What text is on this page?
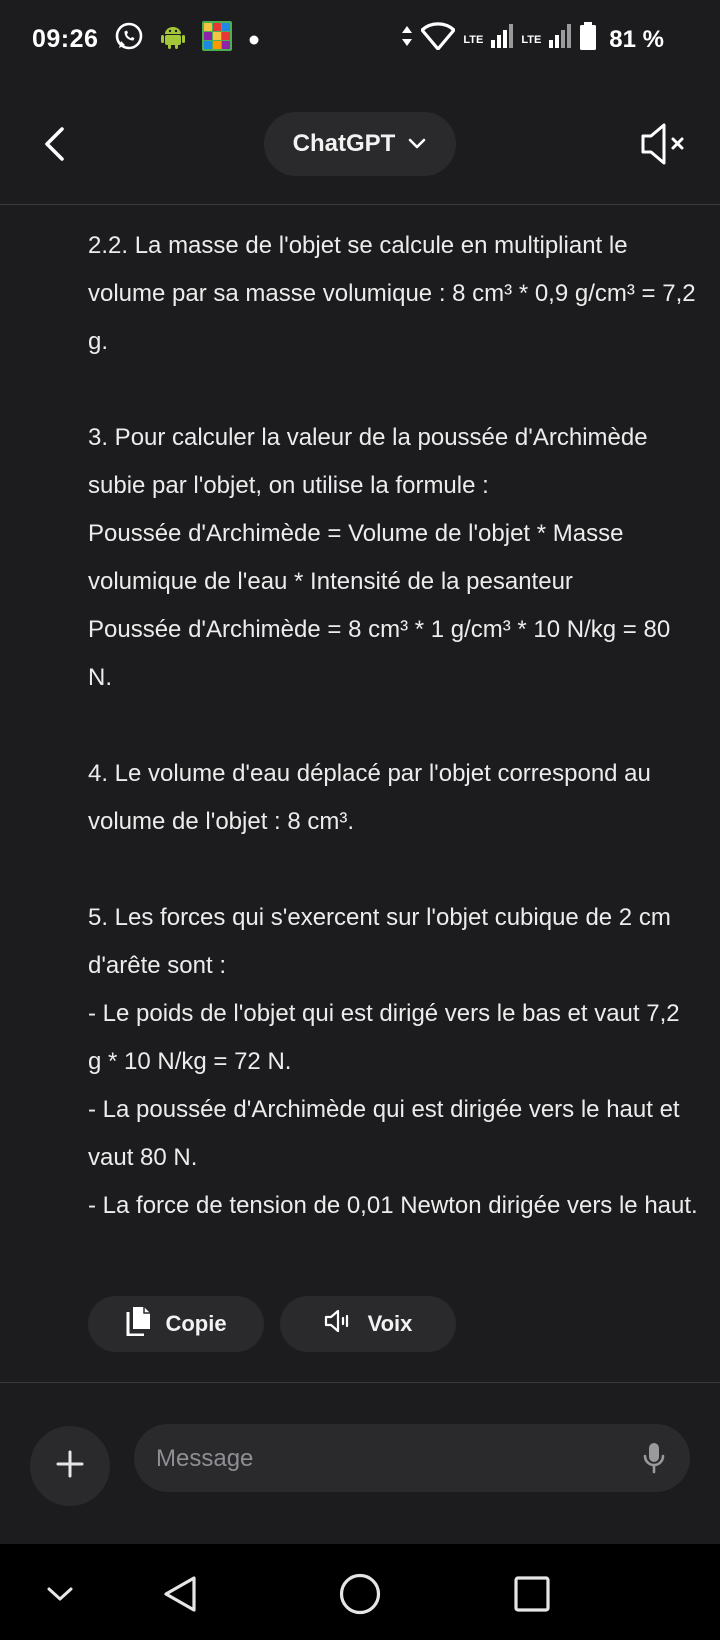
09:26	LTE	LTE	81 %
ChatGPT

2.2. La masse de l'objet se calcule en multipliant le volume par sa masse volumique : 8 cm³ * 0,9 g/cm³ = 7,2 g.

3. Pour calculer la valeur de la poussée d'Archimède subie par l'objet, on utilise la formule :
Poussée d'Archimède = Volume de l'objet * Masse volumique de l'eau * Intensité de la pesanteur
Poussée d'Archimède = 8 cm³ * 1 g/cm³ * 10 N/kg = 80 N.

4. Le volume d'eau déplacé par l'objet correspond au volume de l'objet : 8 cm³.

5. Les forces qui s'exercent sur l'objet cubique de 2 cm d'arête sont :
- Le poids de l'objet qui est dirigé vers le bas et vaut 7,2 g * 10 N/kg = 72 N.
- La poussée d'Archimède qui est dirigée vers le haut et vaut 80 N.
- La force de tension de 0,01 Newton dirigée vers le haut.

Copie	Voix
Message
